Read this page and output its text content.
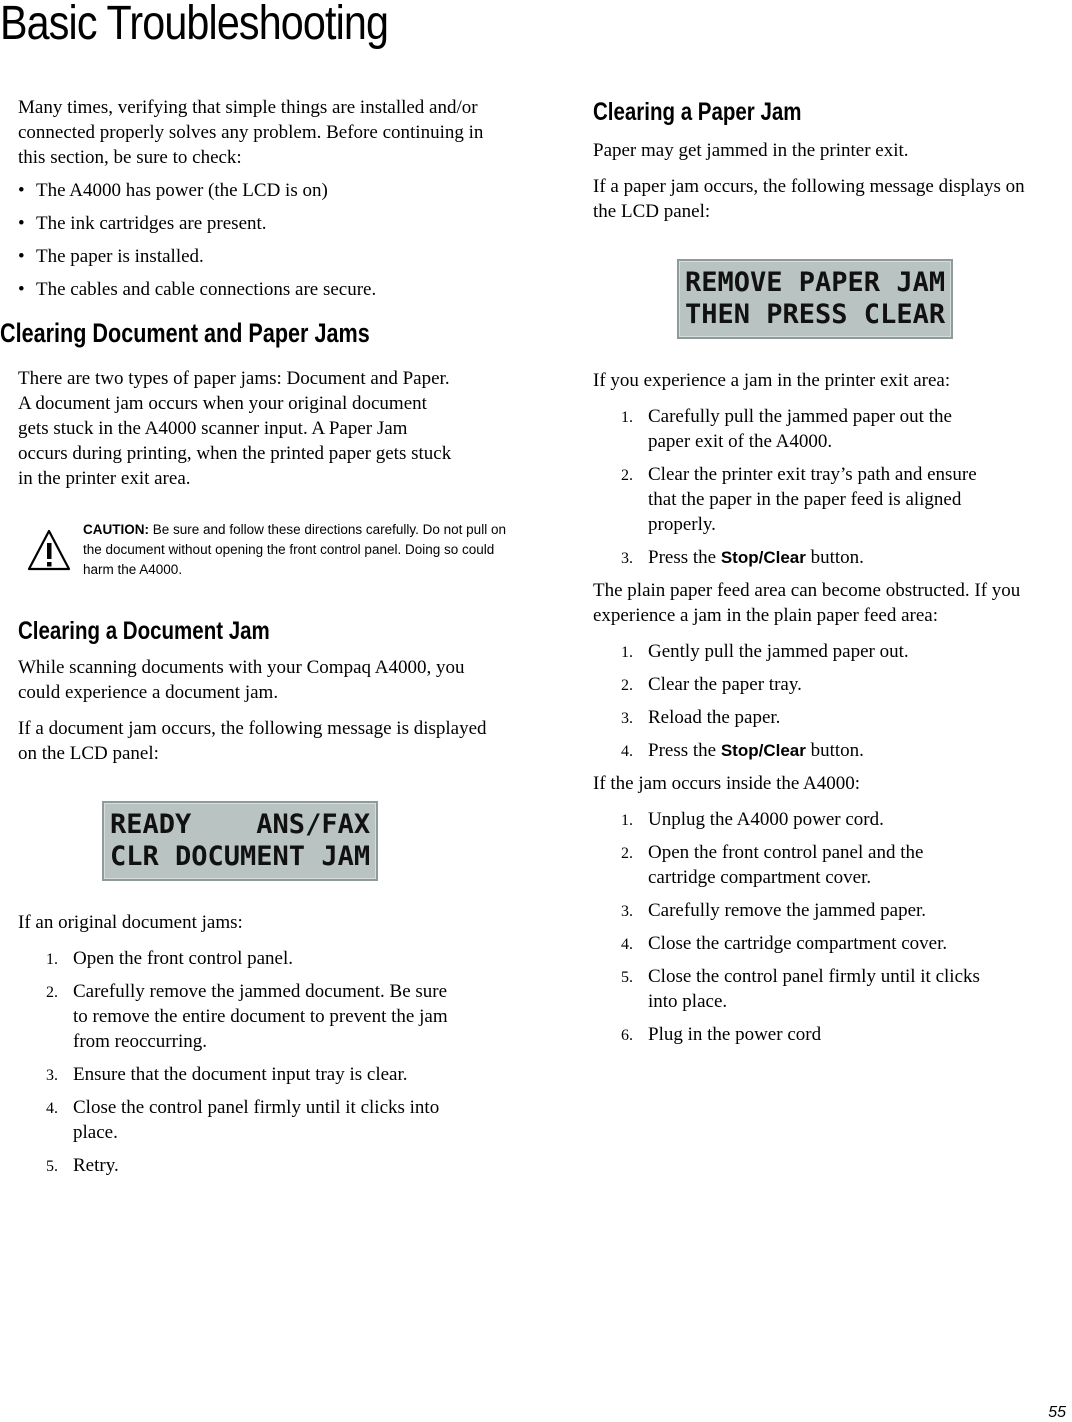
Basic Troubleshooting

Many times, verifying that simple things are installed and/or connected properly solves any problem. Before continuing in this section, be sure to check:

• The A4000 has power (the LCD is on)
• The ink cartridges are present.
• The paper is installed.
• The cables and cable connections are secure.
Clearing Document and Paper Jams

There are two types of paper jams: Document and Paper. A document jam occurs when your original document gets stuck in the A4000 scanner input. A Paper Jam occurs during printing, when the printed paper gets stuck in the printer exit area.

CAUTION: Be sure and follow these directions carefully. Do not pull on the document without opening the front control panel. Doing so could harm the A4000.
Clearing a Document Jam

While scanning documents with your Compaq A4000, you could experience a document jam.

If a document jam occurs, the following message is displayed on the LCD panel:

READY    ANS/FAX
CLR DOCUMENT JAM

If an original document jams:

1. Open the front control panel.
2. Carefully remove the jammed document. Be sure to remove the entire document to prevent the jam from reoccurring.
3. Ensure that the document input tray is clear.
4. Close the control panel firmly until it clicks into place.
5. Retry.
Clearing a Paper Jam

Paper may get jammed in the printer exit.

If a paper jam occurs, the following message displays on the LCD panel:

REMOVE PAPER JAM
THEN PRESS CLEAR

If you experience a jam in the printer exit area:

1. Carefully pull the jammed paper out the paper exit of the A4000.
2. Clear the printer exit tray’s path and ensure that the paper in the paper feed is aligned properly.
3. Press the Stop/Clear button.

The plain paper feed area can become obstructed. If you experience a jam in the plain paper feed area:

1. Gently pull the jammed paper out.
2. Clear the paper tray.
3. Reload the paper.
4. Press the Stop/Clear button.

If the jam occurs inside the A4000:

1. Unplug the A4000 power cord.
2. Open the front control panel and the cartridge compartment cover.
3. Carefully remove the jammed paper.
4. Close the cartridge compartment cover.
5. Close the control panel firmly until it clicks into place.
6. Plug in the power cord
55
